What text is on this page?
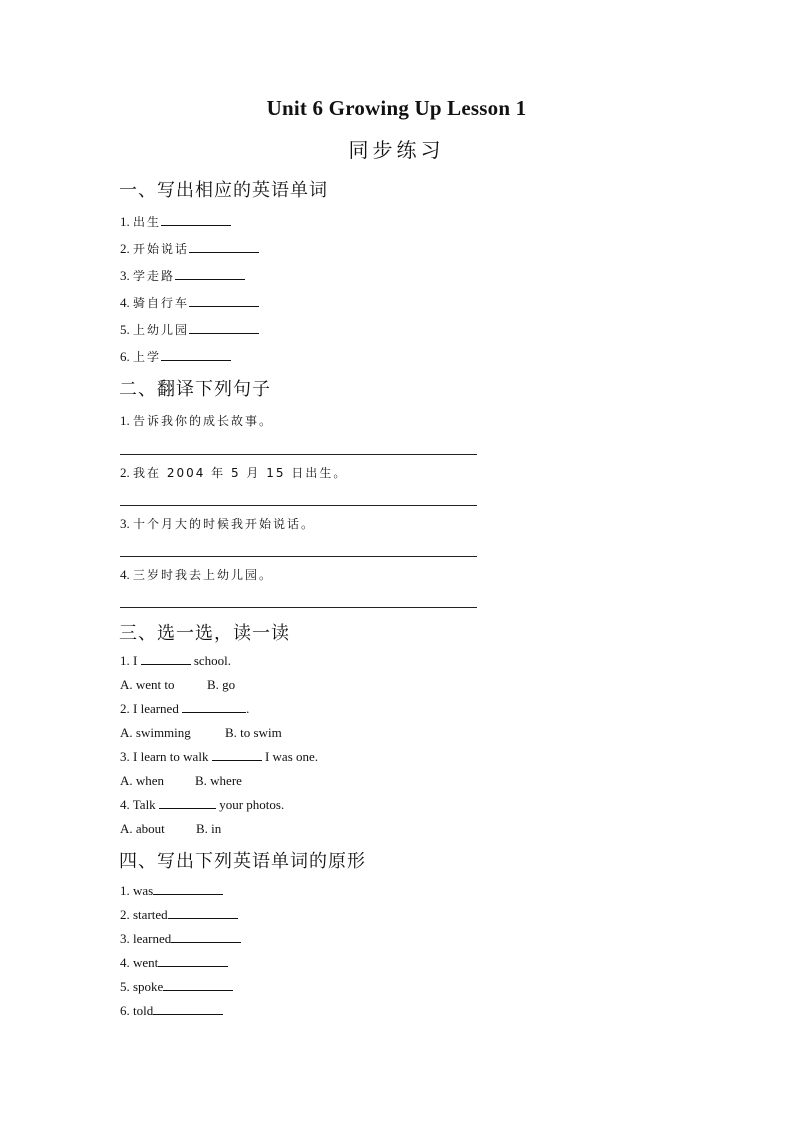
Unit 6 Growing Up Lesson 1
同步练习
一、写出相应的英语单词
1. 出生
2. 开始说话
3. 学走路
4. 骑自行车
5. 上幼儿园
6. 上学
二、翻译下列句子
1. 告诉我你的成长故事。
2. 我在 2004 年 5 月 15 日出生。
3. 十个月大的时候我开始说话。
4. 三岁时我去上幼儿园。
三、选一选，读一读
1. I	school.
A. went to B. go
2. I learned	.
A. swimming	B. to swim
3. I learn to walk	I was one.
A. when B. where
4. Talk	your photos.
A. about B. in
四、写出下列英语单词的原形
1. was
2. started
3. learned
4. went
5. spoke
6. told
